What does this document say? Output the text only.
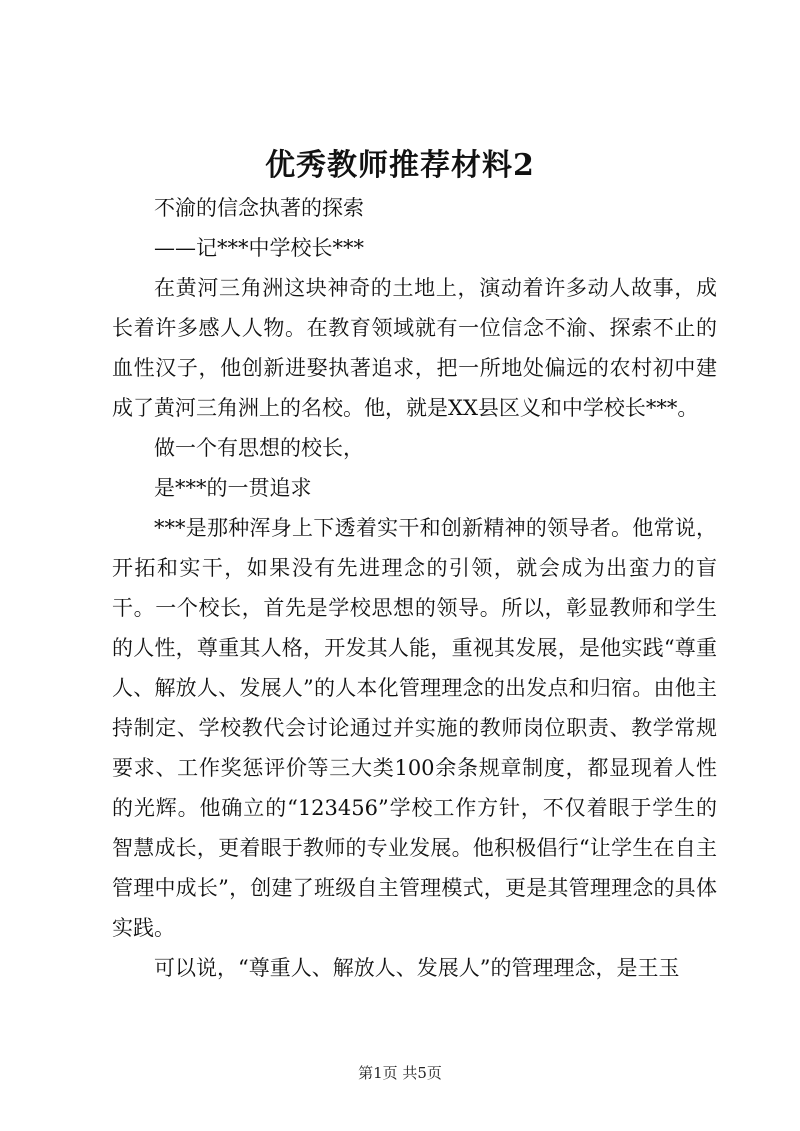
优秀教师推荐材料2

不渝的信念执著的探索

——记***中学校长***

在黄河三角洲这块神奇的土地上，演动着许多动人故事，成长着许多感人人物。在教育领域就有一位信念不渝、探索不止的血性汉子，他创新进娶执著追求，把一所地处偏远的农村初中建成了黄河三角洲上的名校。他，就是XX县区义和中学校长***。

做一个有思想的校长，

是***的一贯追求

***是那种浑身上下透着实干和创新精神的领导者。他常说，开拓和实干，如果没有先进理念的引领，就会成为出蛮力的盲干。一个校长，首先是学校思想的领导。所以，彰显教师和学生的人性，尊重其人格，开发其人能，重视其发展，是他实践“尊重人、解放人、发展人”的人本化管理理念的出发点和归宿。由他主持制定、学校教代会讨论通过并实施的教师岗位职责、教学常规要求、工作奖惩评价等三大类100余条规章制度，都显现着人性的光辉。他确立的“123456”学校工作方针，不仅着眼于学生的智慧成长，更着眼于教师的专业发展。他积极倡行“让学生在自主管理中成长”，创建了班级自主管理模式，更是其管理理念的具体实践。

可以说，“尊重人、解放人、发展人”的管理理念，是王玉

第1页 共5页
